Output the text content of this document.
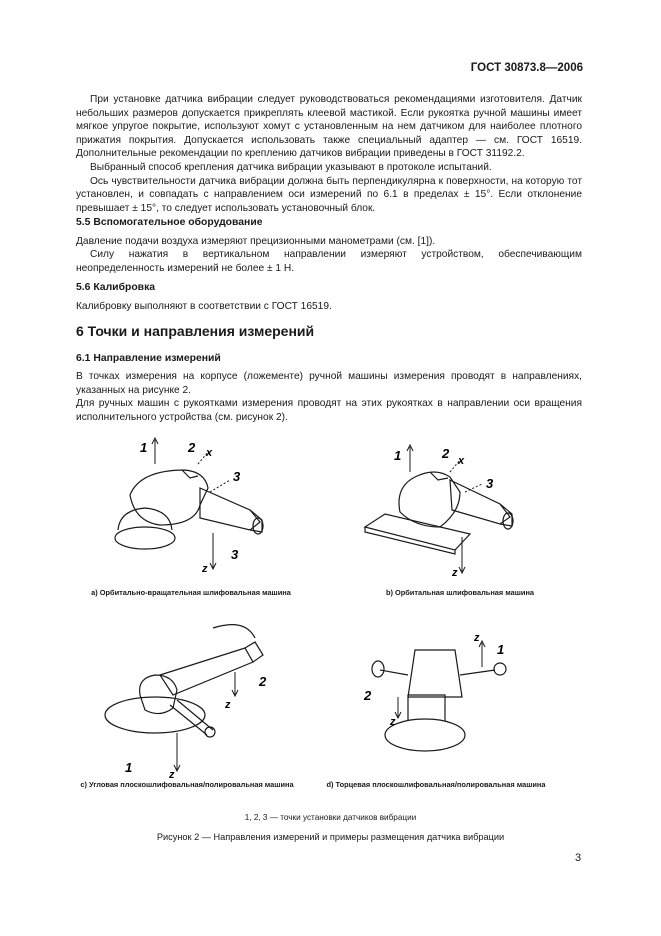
ГОСТ 30873.8—2006

При установке датчика вибрации следует руководствоваться рекомендациями изготовителя. Датчик небольших размеров допускается прикреплять клеевой мастикой. Если рукоятка ручной машины имеет мягкое упругое покрытие, используют хомут с установленным на нем датчиком для наиболее плотного прижатия покрытия. Допускается использовать также специальный адаптер — см. ГОСТ 16519. Дополнительные рекомендации по креплению датчиков вибрации приведены в ГОСТ 31192.2.

Выбранный способ крепления датчика вибрации указывают в протоколе испытаний.

Ось чувствительности датчика вибрации должна быть перпендикулярна к поверхности, на которую тот установлен, и совпадать с направлением оси измерений по 6.1 в пределах ± 15°. Если отклонение превышает ± 15°, то следует использовать установочный блок.

5.5 Вспомогательное оборудование

Давление подачи воздуха измеряют прецизионными манометрами (см. [1]).

Силу нажатия в вертикальном направлении измеряют устройством, обеспечивающим неопределенность измерений не более ± 1 Н.

5.6 Калибровка

Калибровку выполняют в соответствии с ГОСТ 16519.

6 Точки и направления измерений

6.1 Направление измерений

В точках измерения на корпусе (ложементе) ручной машины измерения проводят в направлениях, указанных на рисунке 2.

Для ручных машин с рукоятками измерения проводят на этих рукоятках в направлении оси вращения исполнительного устройства (см. рисунок 2).

1	2 x
3
3
z
а) Орбитально-вращательная шлифовальная машина
1	2 x
3
z
b) Орбитальная шлифовальная машина
1
2
z
z
с) Угловая плоскошлифовальная/полировальная машина
1
2
z
z
d) Торцевая плоскошлифовальная/полировальная машина
1, 2, 3 — точки установки датчиков вибрации
Рисунок 2 — Направления измерений и примеры размещения датчика вибрации
3
